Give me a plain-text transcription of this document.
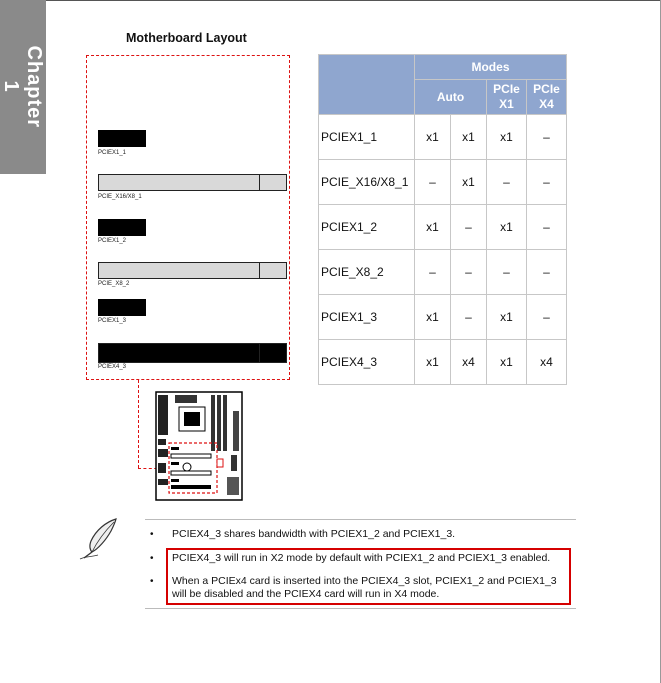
Chapter 1
Motherboard Layout
PCIEX1_1
PCIE_X16/X8_1
PCIEX1_2
PCIE_X8_2
PCIEX1_3
PCIEX4_3
	Modes			
	Auto		PCIe X1	PCIe X4
PCIEX1_1	x1	x1	x1	–
PCIE_X16/X8_1	–	x1	–	–
PCIEX1_2	x1	–	x1	–
PCIE_X8_2	–	–	–	–
PCIEX1_3	x1	–	x1	–
PCIEX4_3	x1	x4	x1	x4
• PCIEX4_3 shares bandwidth with PCIEX1_2 and PCIEX1_3.
• PCIEX4_3 will run in X2 mode by default with PCIEX1_2 and PCIEX1_3 enabled.
• When a PCIEx4 card is inserted into the PCIEX4_3 slot, PCIEX1_2 and PCIEX1_3 will be disabled and the PCIEX4 card will run in X4 mode.
